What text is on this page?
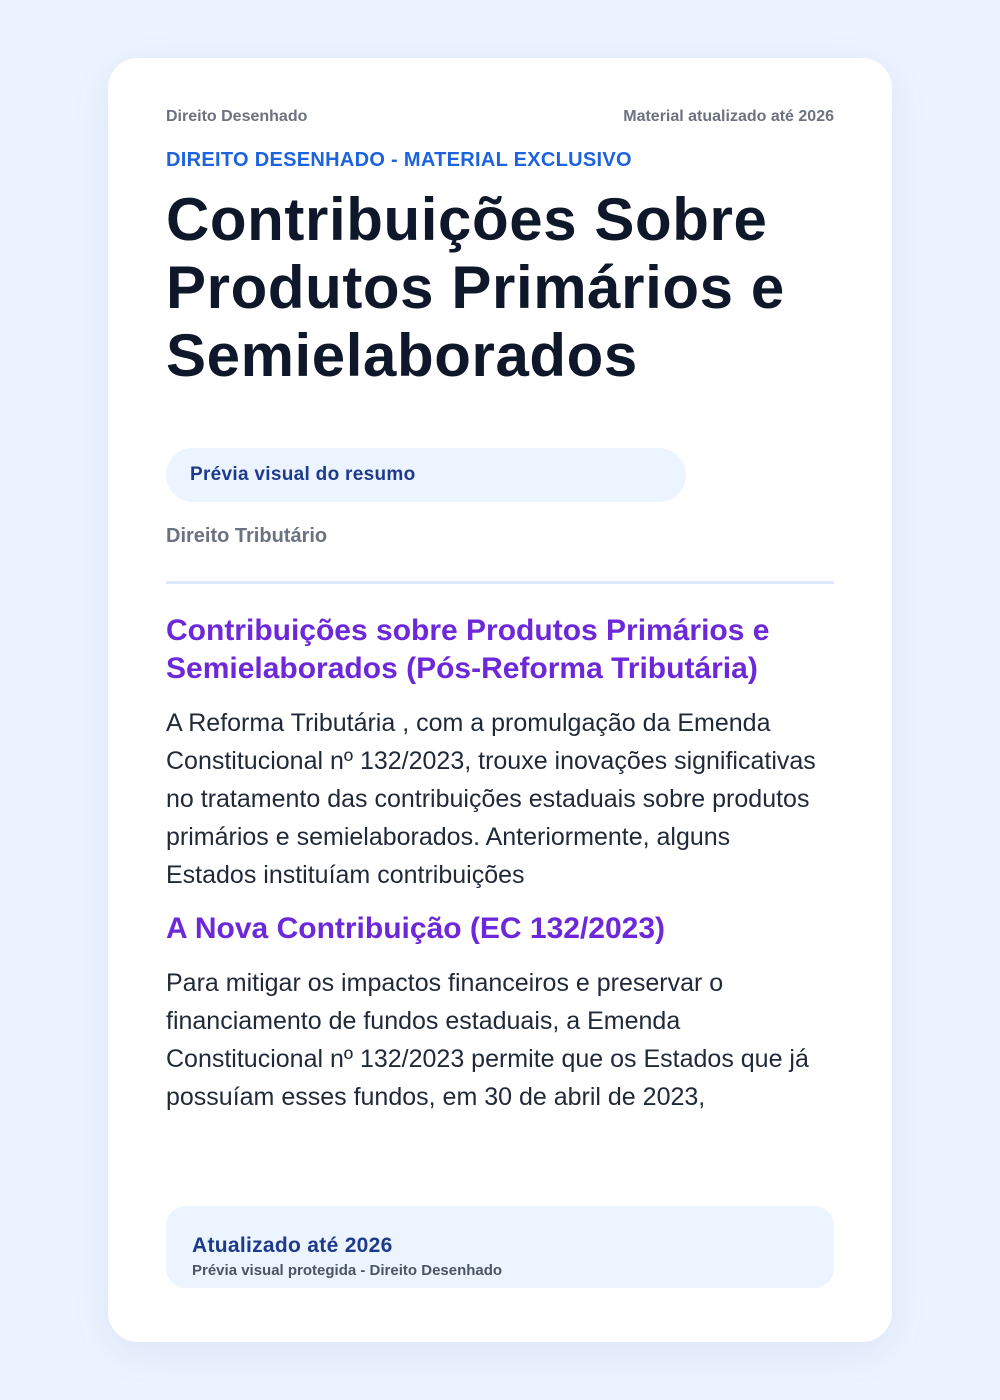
Direito Desenhado	Material atualizado até 2026
DIREITO DESENHADO - MATERIAL EXCLUSIVO
Contribuições Sobre Produtos Primários e Semielaborados
Prévia visual do resumo
Direito Tributário
Contribuições sobre Produtos Primários e Semielaborados (Pós-Reforma Tributária)

A Reforma Tributária , com a promulgação da Emenda Constitucional nº 132/2023, trouxe inovações significativas no tratamento das contribuições estaduais sobre produtos primários e semielaborados. Anteriormente, alguns Estados instituíam contribuições

A Nova Contribuição (EC 132/2023)

Para mitigar os impactos financeiros e preservar o financiamento de fundos estaduais, a Emenda Constitucional nº 132/2023 permite que os Estados que já possuíam esses fundos, em 30 de abril de 2023,

Atualizado até 2026
Prévia visual protegida - Direito Desenhado
